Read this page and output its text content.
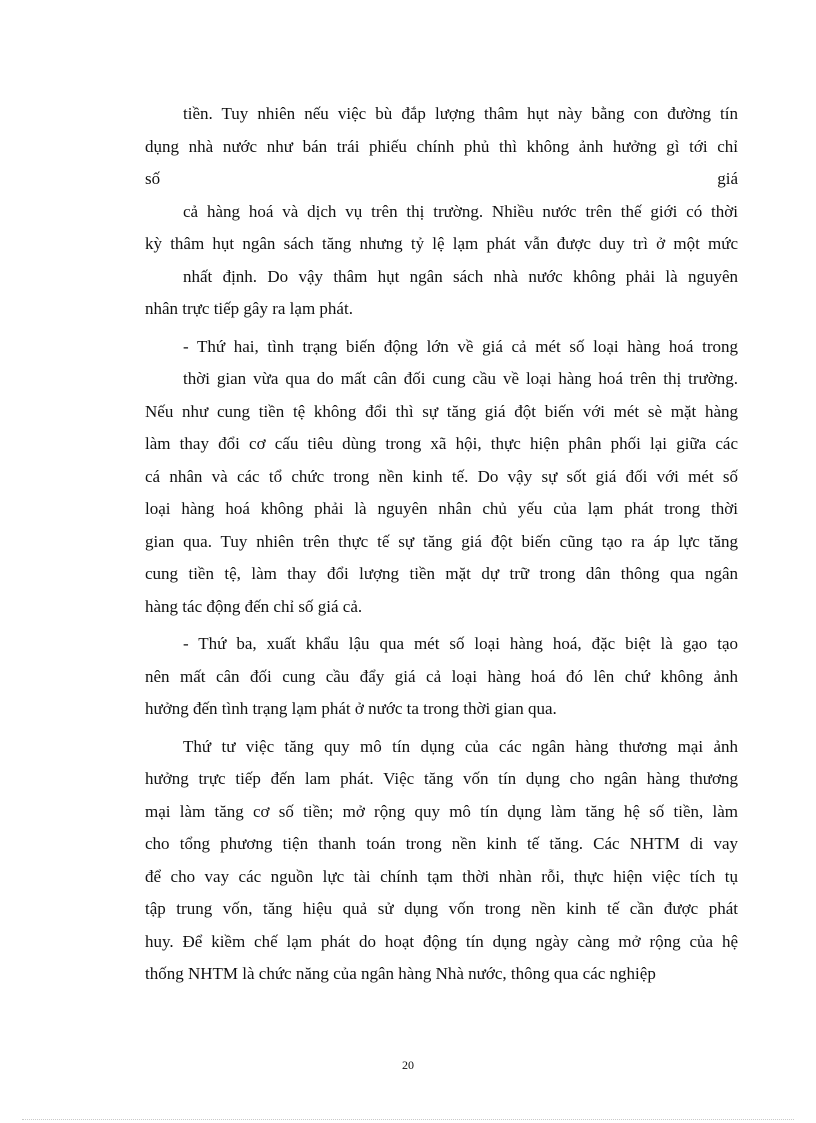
tiền. Tuy nhiên nếu việc bù đắp lượng thâm hụt này bằng con đường tín
dụng nhà nước như bán trái phiếu chính phủ thì không ảnh hưởng gì tới chỉ
số giá
cả hàng hoá và dịch vụ trên thị trường. Nhiều nước trên thế giới có thời
kỳ thâm hụt ngân sách tăng nhưng tỷ lệ lạm phát vẫn được duy trì ở một mức
nhất định. Do vậy thâm hụt ngân sách nhà nước không phải là nguyên
nhân trực tiếp gây ra lạm phát.
- Thứ hai, tình trạng biến động lớn về giá cả mét số loại hàng hoá trong
thời gian vừa qua do mất cân đối cung cầu về loại hàng hoá trên thị trường.
Nếu như cung tiền tệ không đổi thì sự tăng giá đột biến với mét sè mặt hàng
làm thay đổi cơ cấu tiêu dùng trong xã hội, thực hiện phân phối lại giữa các
cá nhân và các tổ chức trong nền kinh tế. Do vậy sự sốt giá đối với mét số
loại hàng hoá không phải là nguyên nhân chủ yếu của lạm phát trong thời
gian qua. Tuy nhiên trên thực tế sự tăng giá đột biến cũng tạo ra áp lực tăng
cung tiền tệ, làm thay đổi lượng tiền mặt dự trữ trong dân thông qua ngân
hàng tác động đến chỉ số giá cả.
- Thứ ba, xuất khẩu lậu qua mét số loại hàng hoá, đặc biệt là gạo tạo
nên mất cân đối cung cầu đẩy giá cả loại hàng hoá đó lên chứ không ảnh
hưởng đến tình trạng lạm phát ở nước ta trong thời gian qua.
Thứ tư việc tăng quy mô tín dụng của các ngân hàng thương mại ảnh
hưởng trực tiếp đến lam phát. Việc tăng vốn tín dụng cho ngân hàng thương
mại làm tăng cơ số tiền; mở rộng quy mô tín dụng làm tăng hệ số tiền, làm
cho tổng phương tiện thanh toán trong nền kinh tế tăng. Các NHTM di vay
để cho vay các nguồn lực tài chính tạm thời nhàn rỗi, thực hiện việc tích tụ
tập trung vốn, tăng hiệu quả sử dụng vốn trong nền kinh tế cần được phát
huy. Để kiềm chế lạm phát do hoạt động tín dụng ngày càng mở rộng của hệ
thống NHTM là chức năng của ngân hàng Nhà nước, thông qua các nghiệp
20
